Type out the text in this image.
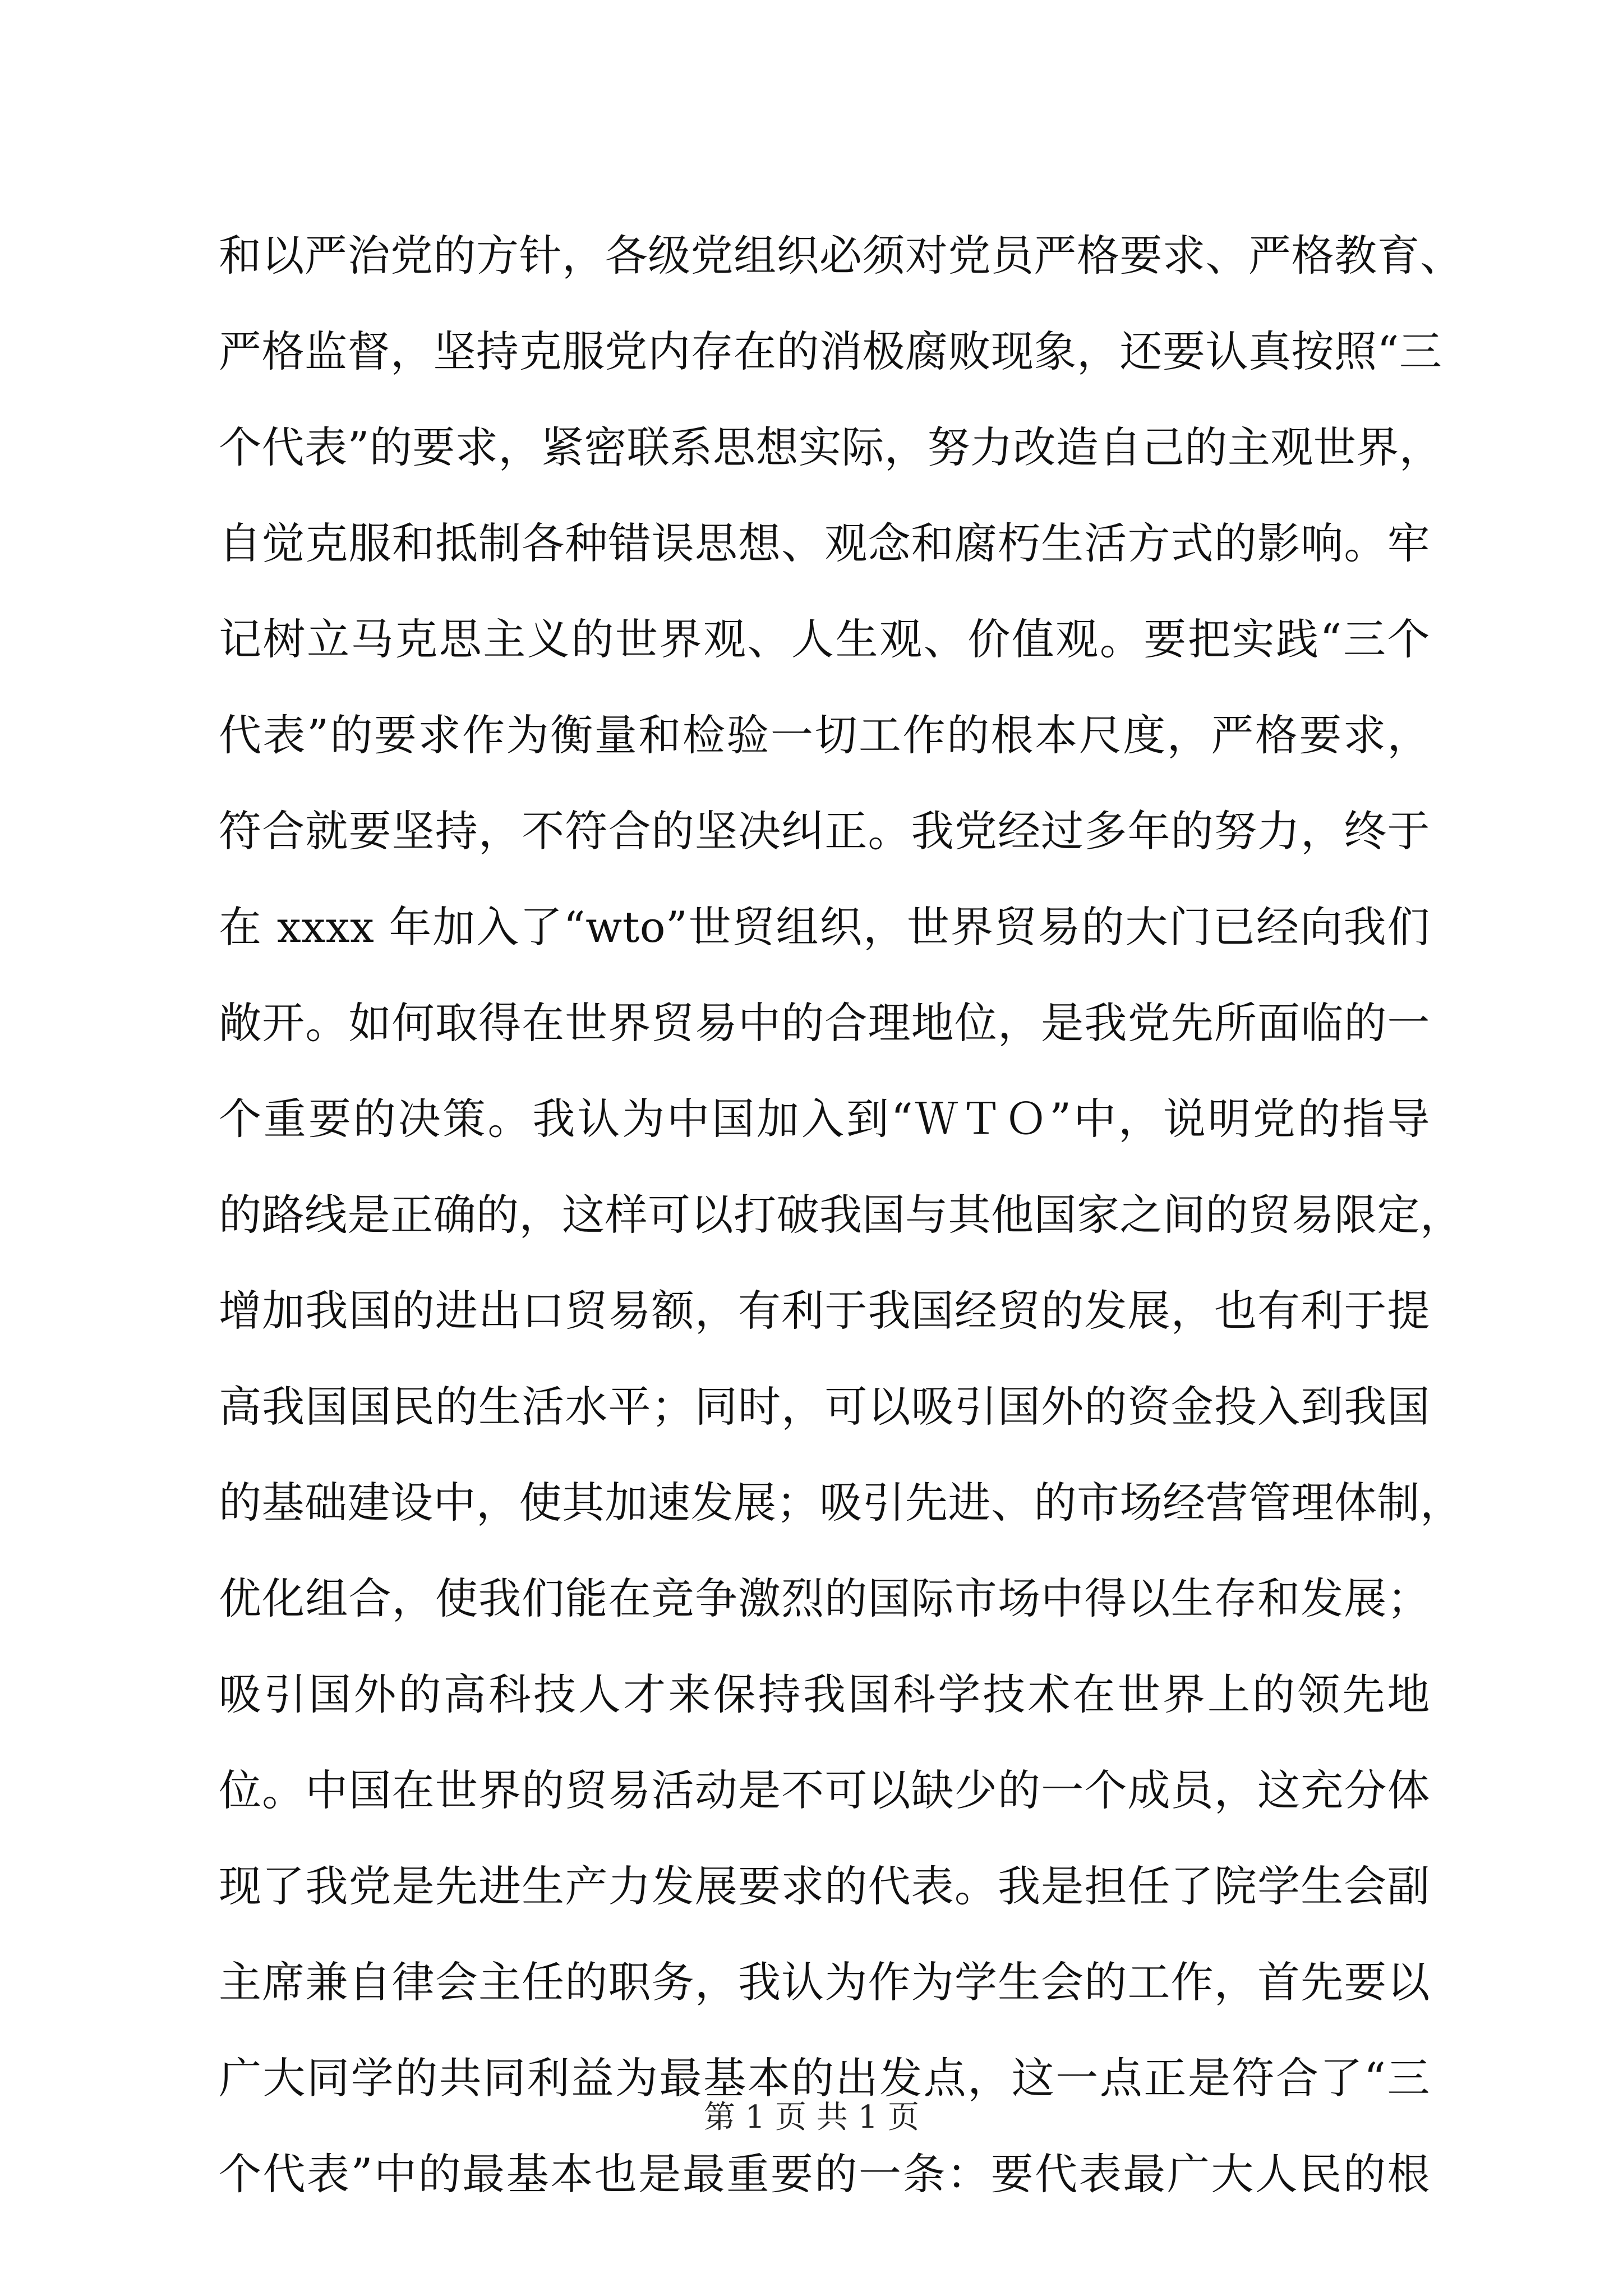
和以严治党的方针，各级党组织必须对党员严格要求、严格教育、
严格监督，坚持克服党内存在的消极腐败现象，还要认真按照“三
个代表”的要求，紧密联系思想实际，努力改造自己的主观世界，
自觉克服和抵制各种错误思想、观念和腐朽生活方式的影响。牢
记树立马克思主义的世界观、人生观、价值观。要把实践“三个
代表”的要求作为衡量和检验一切工作的根本尺度，严格要求，
符合就要坚持，不符合的坚决纠正。我党经过多年的努力，终于
在 xxxx 年加入了“wto”世贸组织，世界贸易的大门已经向我们
敞开。如何取得在世界贸易中的合理地位，是我党先所面临的一
个重要的决策。我认为中国加入到“ＷＴＯ”中，说明党的指导
的路线是正确的，这样可以打破我国与其他国家之间的贸易限定，
增加我国的进出口贸易额，有利于我国经贸的发展，也有利于提
高我国国民的生活水平；同时，可以吸引国外的资金投入到我国
的基础建设中，使其加速发展；吸引先进、的市场经营管理体制，
优化组合，使我们能在竞争激烈的国际市场中得以生存和发展；
吸引国外的高科技人才来保持我国科学技术在世界上的领先地
位。中国在世界的贸易活动是不可以缺少的一个成员，这充分体
现了我党是先进生产力发展要求的代表。我是担任了院学生会副
主席兼自律会主任的职务，我认为作为学生会的工作，首先要以
广大同学的共同利益为最基本的出发点，这一点正是符合了“三
个代表”中的最基本也是最重要的一条：要代表最广大人民的根
第 1 页 共 1 页
